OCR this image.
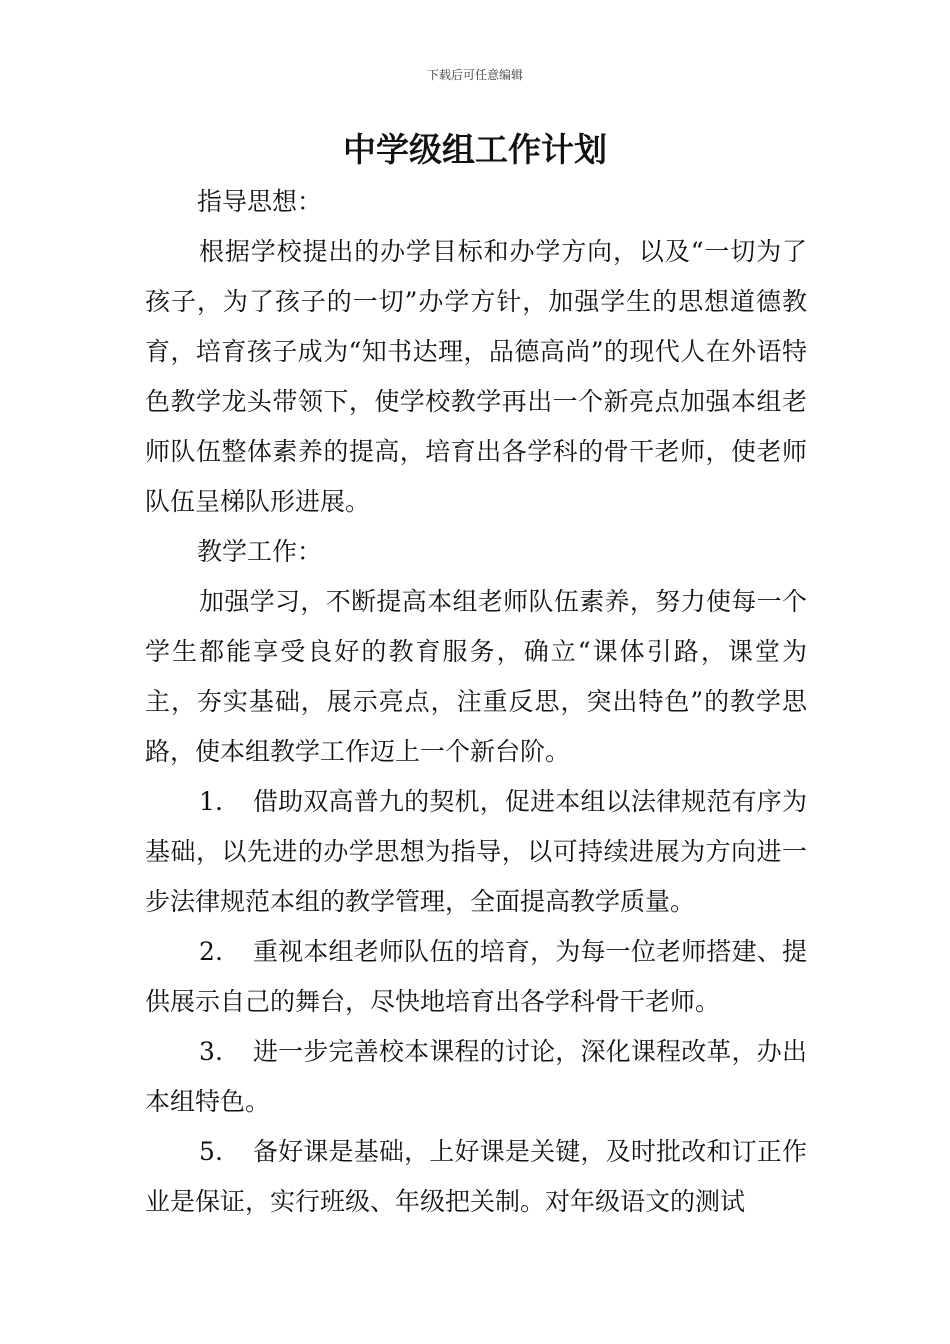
下载后可任意编辑
中学级组工作计划

指导思想：

根据学校提出的办学目标和办学方向，以及“一切为了孩子，为了孩子的一切”办学方针，加强学生的思想道德教育，培育孩子成为“知书达理，品德高尚”的现代人在外语特色教学龙头带领下，使学校教学再出一个新亮点加强本组老师队伍整体素养的提高，培育出各学科的骨干老师，使老师队伍呈梯队形进展。

教学工作：

加强学习，不断提高本组老师队伍素养，努力使每一个学生都能享受良好的教育服务，确立“课体引路，课堂为主，夯实基础，展示亮点，注重反思，突出特色”的教学思路，使本组教学工作迈上一个新台阶。

1．　借助双高普九的契机，促进本组以法律规范有序为基础，以先进的办学思想为指导，以可持续进展为方向进一步法律规范本组的教学管理，全面提高教学质量。

2．　重视本组老师队伍的培育，为每一位老师搭建、提供展示自己的舞台，尽快地培育出各学科骨干老师。

3．　进一步完善校本课程的讨论，深化课程改革，办出本组特色。

5．　备好课是基础，上好课是关键，及时批改和订正作业是保证，实行班级、年级把关制。对年级语文的测试
